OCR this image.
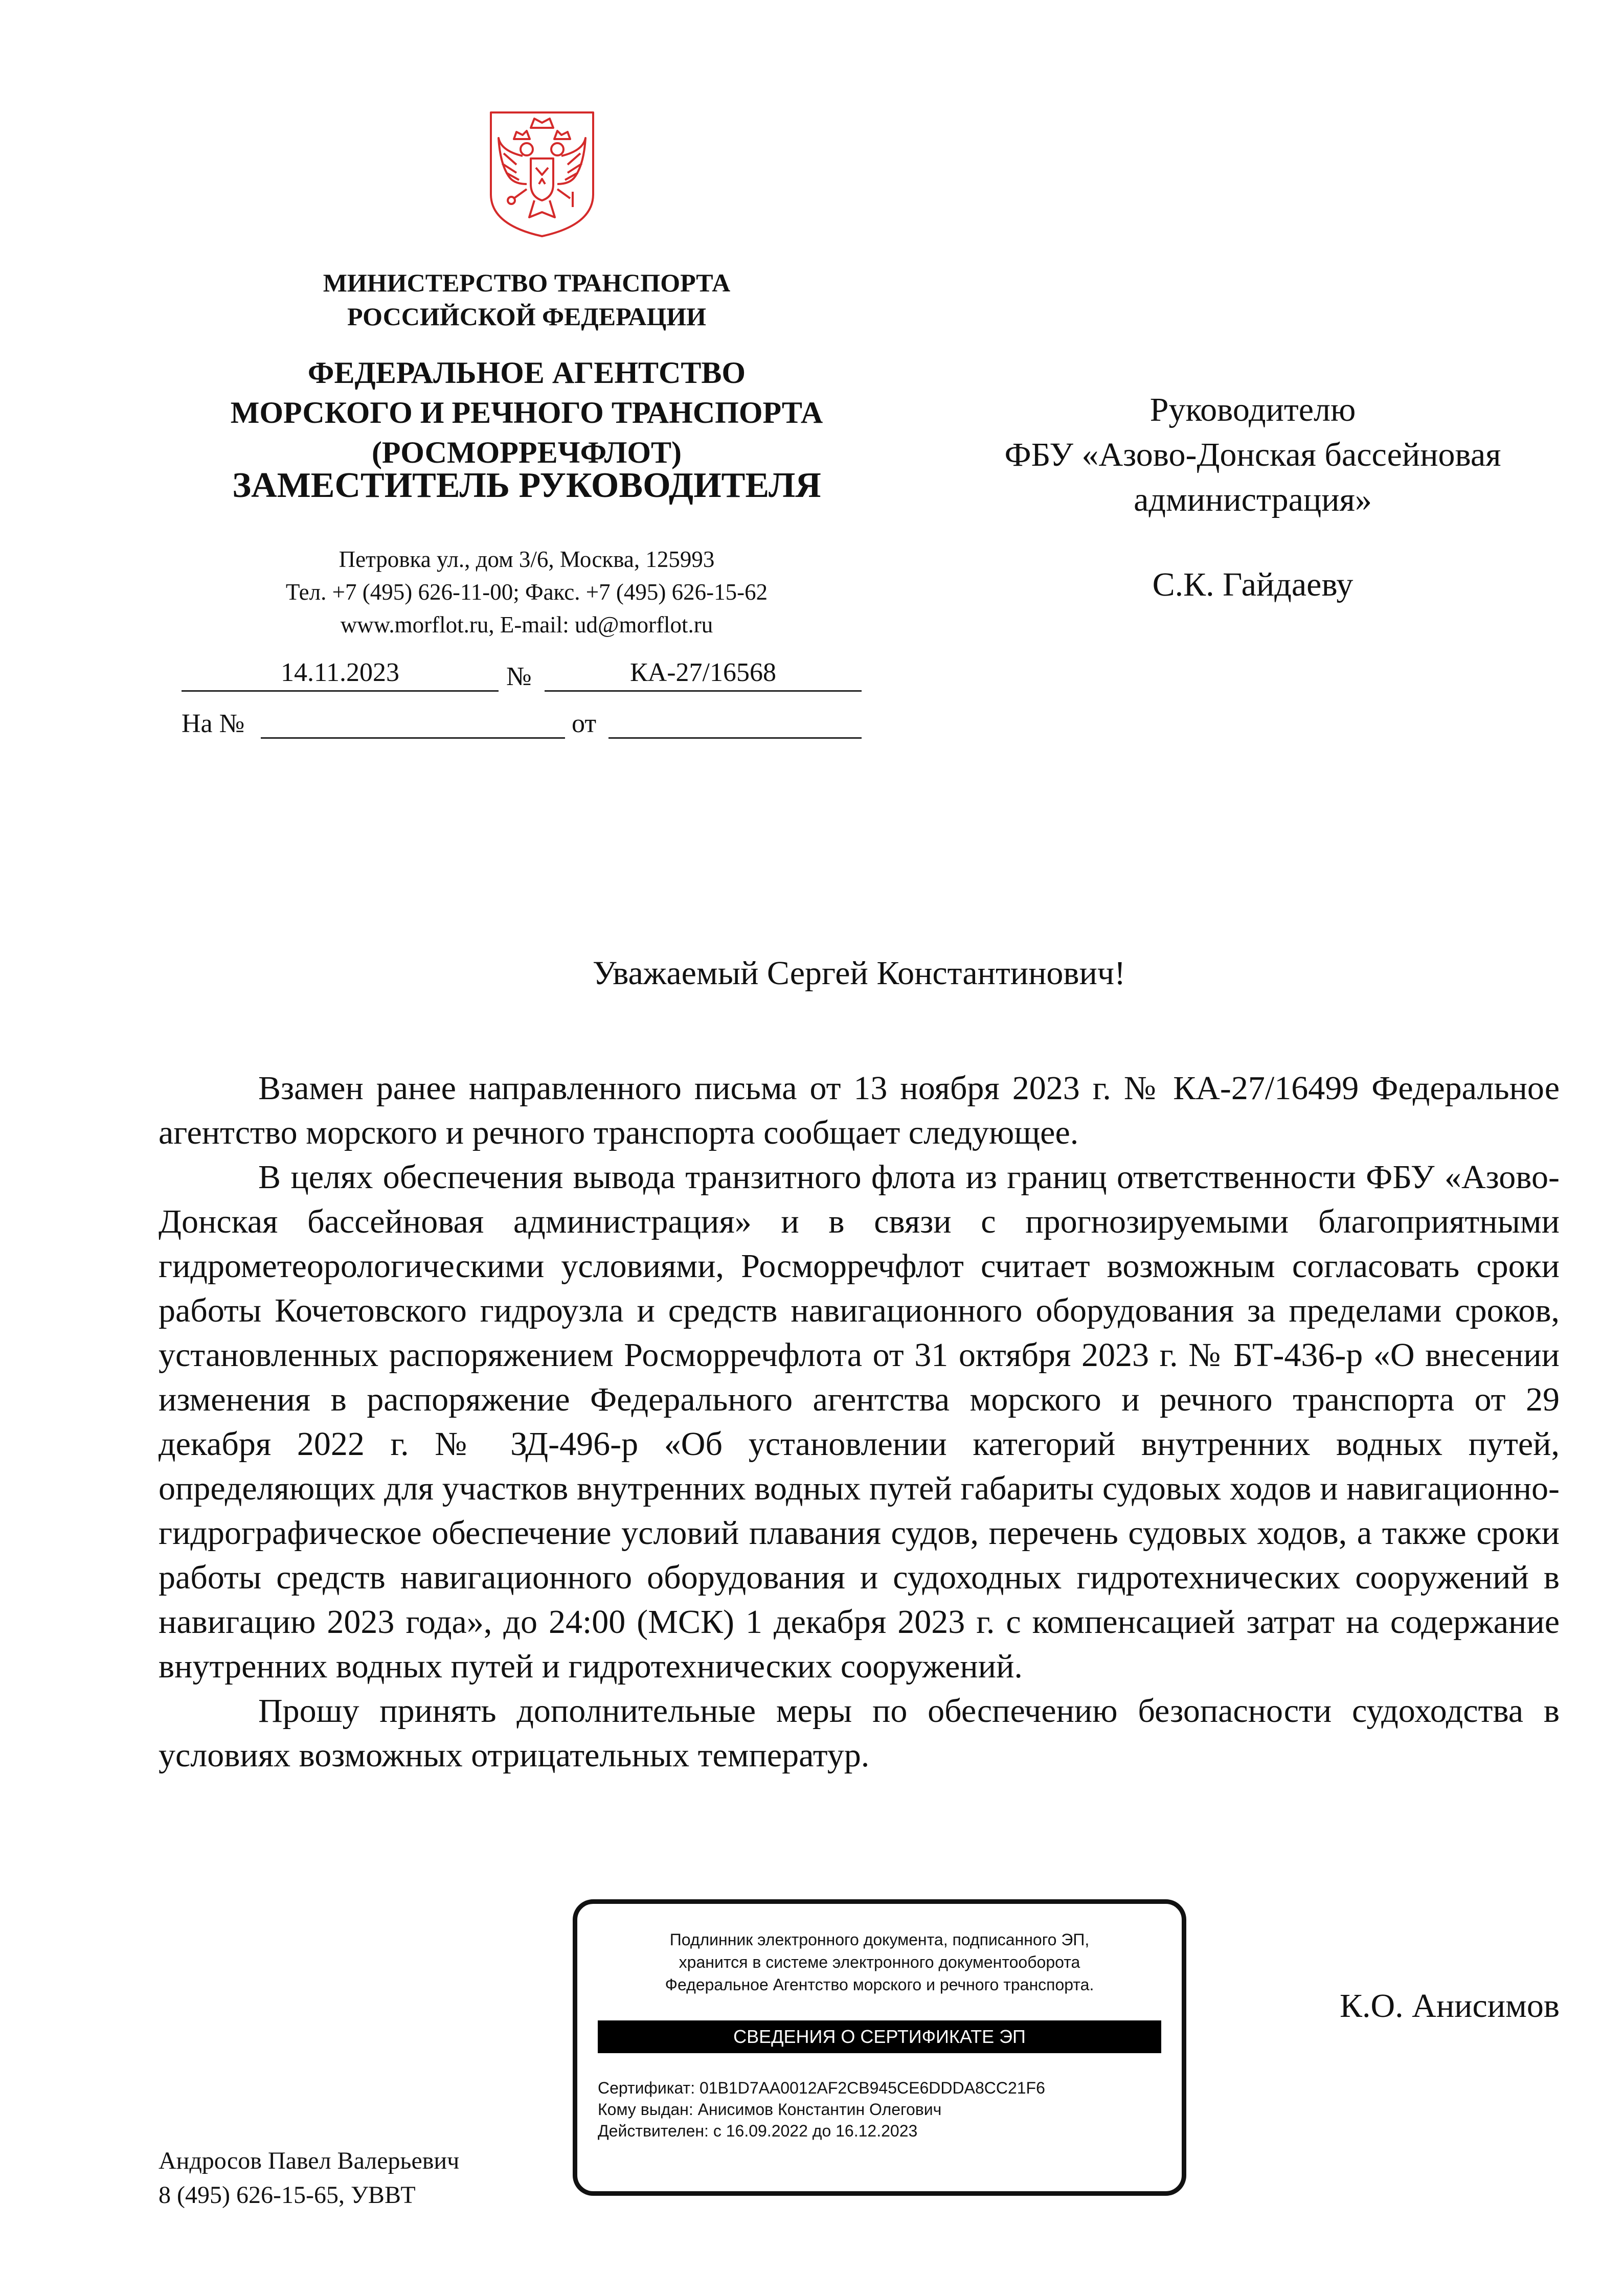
МИНИСТЕРСТВО ТРАНСПОРТА
РОССИЙСКОЙ ФЕДЕРАЦИИ
ФЕДЕРАЛЬНОЕ АГЕНТСТВО
МОРСКОГО И РЕЧНОГО ТРАНСПОРТА
(РОСМОРРЕЧФЛОТ)
ЗАМЕСТИТЕЛЬ РУКОВОДИТЕЛЯ
Петровка ул., дом 3/6, Москва, 125993
Тел. +7 (495) 626-11-00; Факс. +7 (495) 626-15-62
www.morflot.ru, E-mail: ud@morflot.ru
14.11.2023	№	КА-27/16568
На №	от
Руководителю
ФБУ «Азово-Донская бассейновая
администрация»
С.К. Гайдаеву
Уважаемый Сергей Константинович!

Взамен ранее направленного письма от 13 ноября 2023 г. № КА-27/16499 Федеральное агентство морского и речного транспорта сообщает следующее.

В целях обеспечения вывода транзитного флота из границ ответственности ФБУ «Азово-Донская бассейновая администрация» и в связи с прогнозируемыми благоприятными гидрометеорологическими условиями, Росморречфлот считает возможным согласовать сроки работы Кочетовского гидроузла и средств навигационного оборудования за пределами сроков, установленных распоряжением Росморречфлота от 31 октября 2023 г. № БТ-436-р «О внесении изменения в распоряжение Федерального агентства морского и речного транспорта от 29 декабря 2022 г. № ЗД-496-р «Об установлении категорий внутренних водных путей, определяющих для участков внутренних водных путей габариты судовых ходов и навигационно-гидрографическое обеспечение условий плавания судов, перечень судовых ходов, а также сроки работы средств навигационного оборудования и судоходных гидротехнических сооружений в навигацию 2023 года», до 24:00 (МСК) 1 декабря 2023 г. с компенсацией затрат на содержание внутренних водных путей и гидротехнических сооружений.

Прошу принять дополнительные меры по обеспечению безопасности судоходства в условиях возможных отрицательных температур.

Подлинник электронного документа, подписанного ЭП,
хранится в системе электронного документооборота
Федеральное Агентство морского и речного транспорта.
СВЕДЕНИЯ О СЕРТИФИКАТЕ ЭП
Сертификат: 01B1D7AA0012AF2CB945CE6DDDA8CC21F6
Кому выдан: Анисимов Константин Олегович
Действителен: с 16.09.2022 до 16.12.2023
К.О. Анисимов
Андросов Павел Валерьевич
8 (495) 626-15-65, УВВТ
